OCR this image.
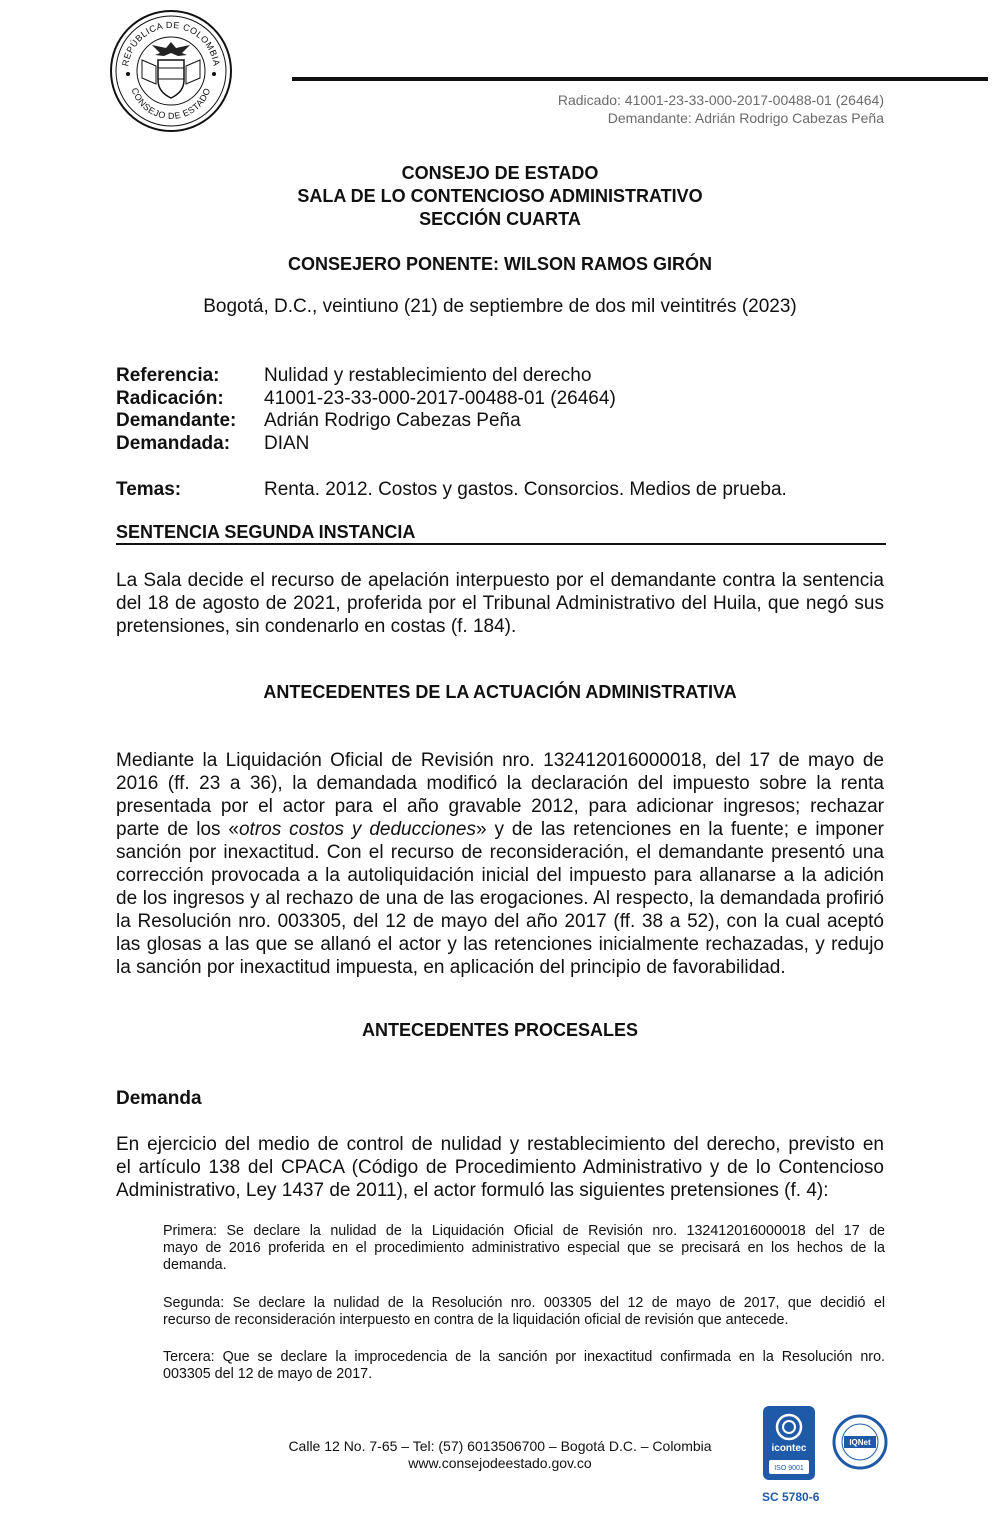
REPÚBLICA DE COLOMBIA
CONSEJO DE ESTADO
Radicado: 41001-23-33-000-2017-00488-01 (26464)
Demandante: Adrián Rodrigo Cabezas Peña
CONSEJO DE ESTADO
SALA DE LO CONTENCIOSO ADMINISTRATIVO
SECCIÓN CUARTA
CONSEJERO PONENTE: WILSON RAMOS GIRÓN
Bogotá, D.C., veintiuno (21) de septiembre de dos mil veintitrés (2023)
Referencia: Nulidad y restablecimiento del derecho
Radicación: 41001-23-33-000-2017-00488-01 (26464)
Demandante: Adrián Rodrigo Cabezas Peña
Demandada: DIAN
Temas:	Renta. 2012. Costos y gastos. Consorcios. Medios de prueba.
SENTENCIA SEGUNDA INSTANCIA
La Sala decide el recurso de apelación interpuesto por el demandante contra la sentencia
del 18 de agosto de 2021, proferida por el Tribunal Administrativo del Huila, que negó sus
pretensiones, sin condenarlo en costas (f. 184).
ANTECEDENTES DE LA ACTUACIÓN ADMINISTRATIVA
Mediante la Liquidación Oficial de Revisión nro. 132412016000018, del 17 de mayo de
2016 (ff. 23 a 36), la demandada modificó la declaración del impuesto sobre la renta
presentada por el actor para el año gravable 2012, para adicionar ingresos; rechazar
parte de los «otros costos y deducciones» y de las retenciones en la fuente; e imponer
sanción por inexactitud. Con el recurso de reconsideración, el demandante presentó una
corrección provocada a la autoliquidación inicial del impuesto para allanarse a la adición
de los ingresos y al rechazo de una de las erogaciones. Al respecto, la demandada profirió
la Resolución nro. 003305, del 12 de mayo del año 2017 (ff. 38 a 52), con la cual aceptó
las glosas a las que se allanó el actor y las retenciones inicialmente rechazadas, y redujo
la sanción por inexactitud impuesta, en aplicación del principio de favorabilidad.
ANTECEDENTES PROCESALES
Demanda
En ejercicio del medio de control de nulidad y restablecimiento del derecho, previsto en
el artículo 138 del CPACA (Código de Procedimiento Administrativo y de lo Contencioso
Administrativo, Ley 1437 de 2011), el actor formuló las siguientes pretensiones (f. 4):
Primera: Se declare la nulidad de la Liquidación Oficial de Revisión nro. 132412016000018 del 17 de
mayo de 2016 proferida en el procedimiento administrativo especial que se precisará en los hechos de la
demanda.
Segunda: Se declare la nulidad de la Resolución nro. 003305 del 12 de mayo de 2017, que decidió el
recurso de reconsideración interpuesto en contra de la liquidación oficial de revisión que antecede.
Tercera: Que se declare la improcedencia de la sanción por inexactitud confirmada en la Resolución nro.
003305 del 12 de mayo de 2017.
Calle 12 No. 7-65 – Tel: (57) 6013506700 – Bogotá D.C. – Colombia
www.consejodeestado.gov.co
icontec
ISO 9001
IQNet
SC 5780-6
